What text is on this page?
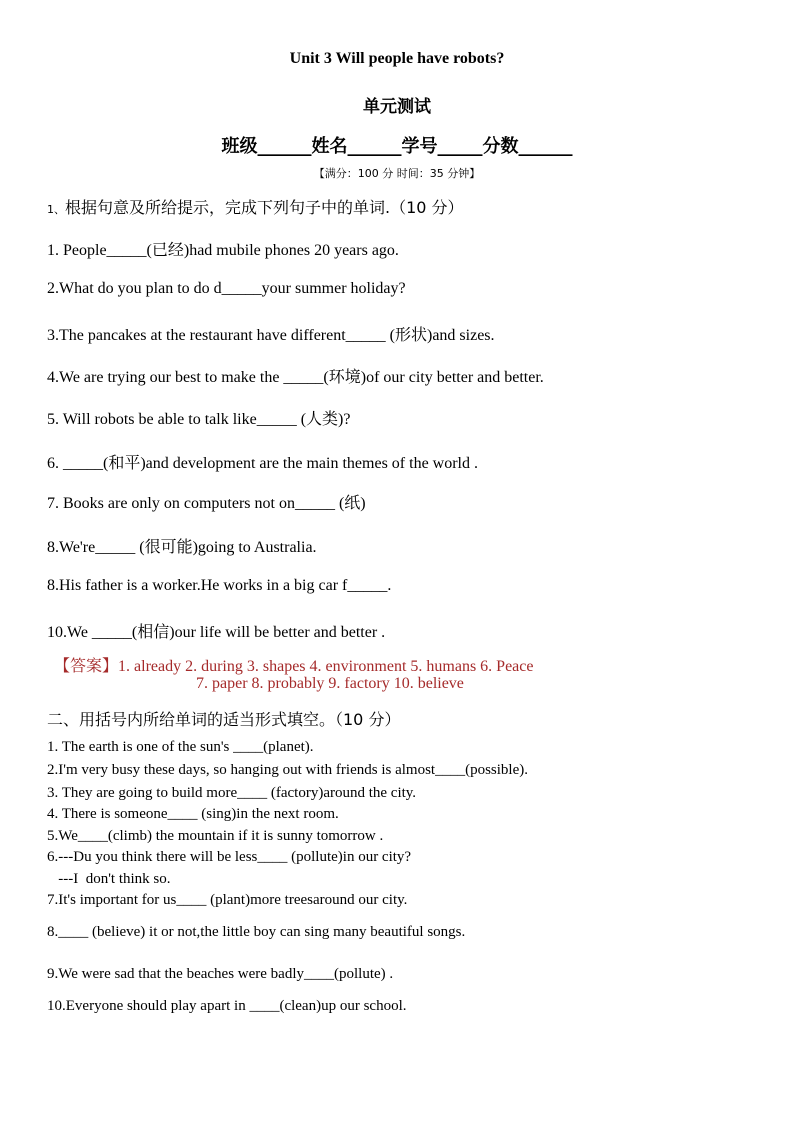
Unit 3 Will people have robots?
单元测试
班级______姓名______学号_____分数______
【满分：100 分 时间：35 分钟】
1、根据句意及所给提示，完成下列句子中的单词.（10 分）
1. People_____(已经)had mubile phones 20 years ago.
2.What do you plan to do d_____your summer holiday?
3.The pancakes at the restaurant have different_____ (形状)and sizes.
4.We are trying our best to make the _____(环境)of our city better and better.
5. Will robots be able to talk like_____ (人类)?
6. _____(和平)and development are the main themes of the world .
7. Books are only on computers not on_____ (纸)
8.We're_____ (很可能)going to Australia.
8.His father is a worker.He works in a big car f_____.
10.We _____(相信)our life will be better and better .
【答案】1. already 2. during 3. shapes 4. environment 5. humans 6. Peace
7. paper 8. probably 9. factory 10. believe
二、用括号内所给单词的适当形式填空。（10 分）
1. The earth is one of the sun's ____(planet).
2.I'm very busy these days, so hanging out with friends is almost____(possible).
3. They are going to build more____ (factory)around the city.
4. There is someone____ (sing)in the next room.
5.We____(climb) the mountain if it is sunny tomorrow .
6.---Du you think there will be less____ (pollute)in our city?
---I  don't think so.
7.It's important for us____ (plant)more treesaround our city.
8.____ (believe) it or not,the little boy can sing many beautiful songs.
9.We were sad that the beaches were badly____(pollute) .
10.Everyone should play apart in ____(clean)up our school.
